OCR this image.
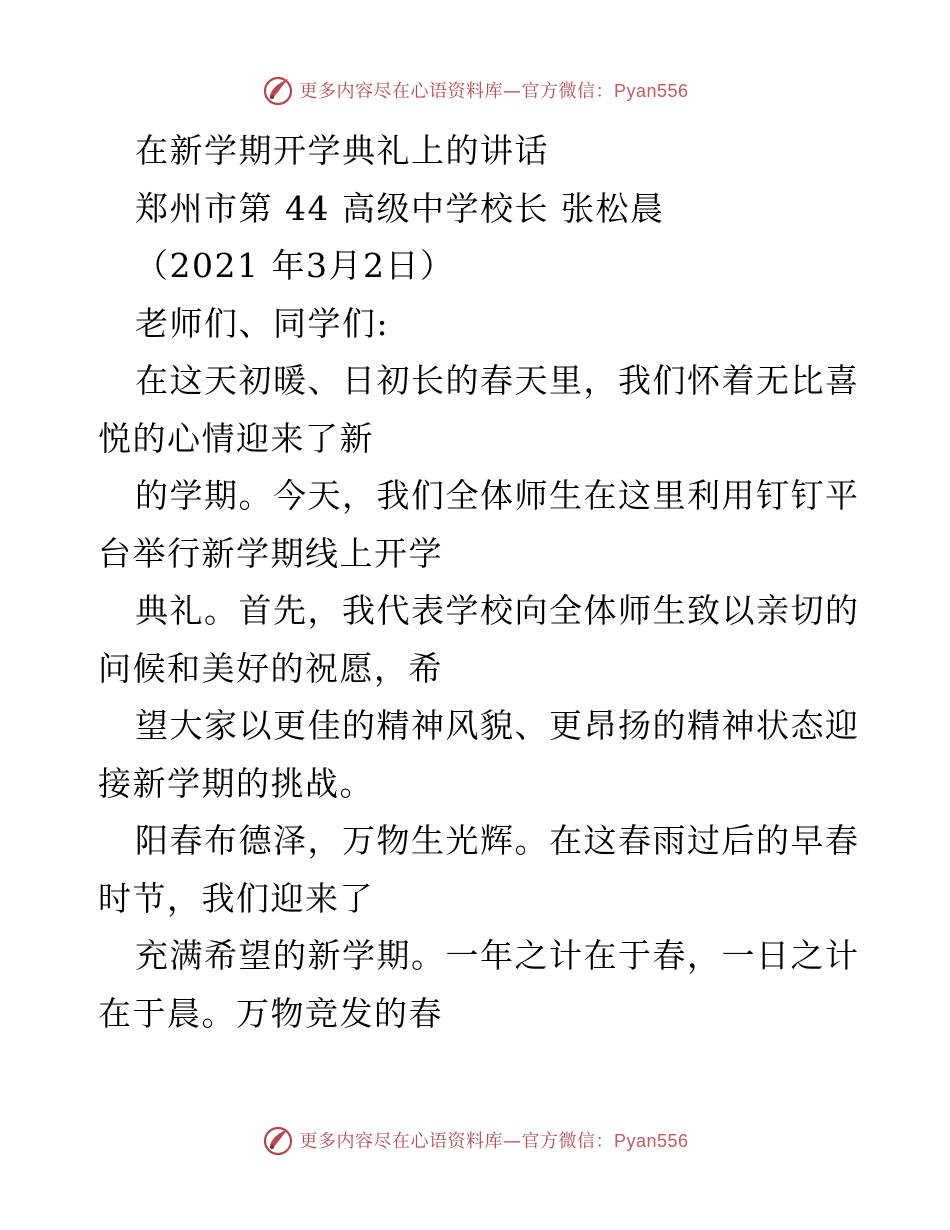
更多内容尽在心语资料库—官方微信：Pyan556
在新学期开学典礼上的讲话
郑州市第 44 高级中学校长 张松晨
（2021 年3月2日）
老师们、同学们:
在这天初暖、日初长的春天里，我们怀着无比喜
悦的心情迎来了新
的学期。今天，我们全体师生在这里利用钉钉平
台举行新学期线上开学
典礼。首先，我代表学校向全体师生致以亲切的
问候和美好的祝愿，希
望大家以更佳的精神风貌、更昂扬的精神状态迎
接新学期的挑战。
阳春布德泽，万物生光辉。在这春雨过后的早春
时节，我们迎来了
充满希望的新学期。一年之计在于春，一日之计
在于晨。万物竞发的春
更多内容尽在心语资料库—官方微信：Pyan556
